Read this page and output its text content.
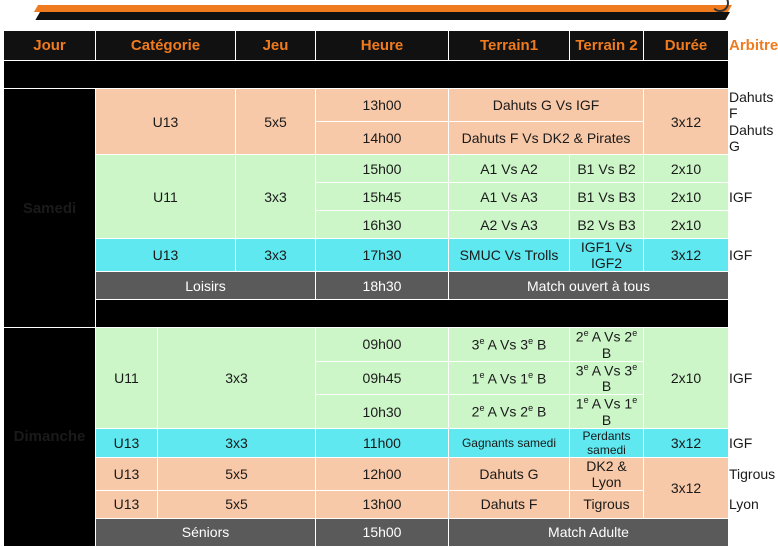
Jour	Catégorie		Jeu	Heure	Terrain1	Terrain 2	Durée	Arbitre

Samedi	U13		5x5	13h00	Dahuts G Vs IGF		3x12	Dahuts F
				14h00	Dahuts F Vs DK2 & Pirates			Dahuts G
	U11		3x3	15h00	A1 Vs A2	B1 Vs B2	2x10	IGF
				15h45	A1 Vs A3	B1 Vs B3	2x10	
				16h30	A2 Vs A3	B2 Vs B3	2x10	
	U13		3x3	17h30	SMUC Vs Trolls	IGF1 Vs IGF2	3x12	IGF
	Loisirs			18h30	Match ouvert à tous			

Dimanche	U11	3x3		09h00	3e A Vs 3e B	2e A Vs 2e B	2x10	IGF
				09h45	1e A Vs 1e B	3e A Vs 3e B		
				10h30	2e A Vs 2e B	1e A Vs 1e B		
	U13	3x3		11h00	Gagnants samedi	Perdants samedi	3x12	IGF
	U13	5x5		12h00	Dahuts G	DK2 & Lyon	3x12	Tigrous
	U13	5x5		13h00	Dahuts F	Tigrous		Lyon
	Séniors			15h00	Match Adulte			
